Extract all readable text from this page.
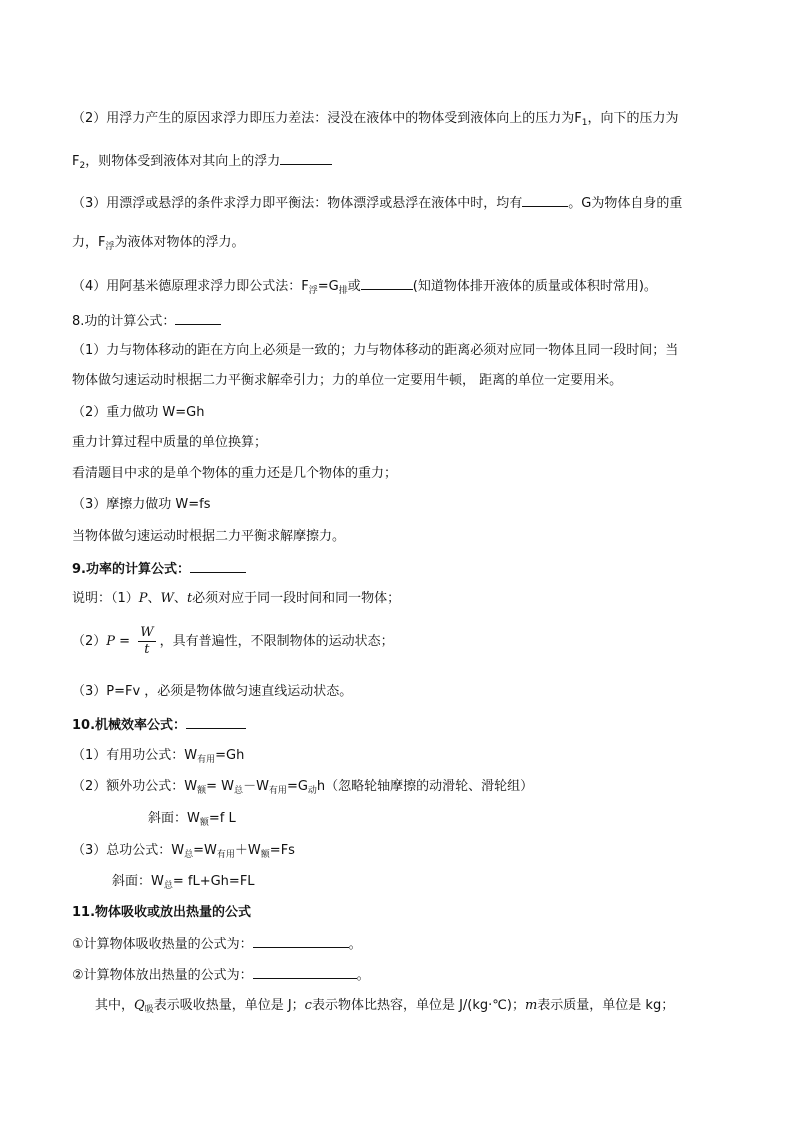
（2）用浮力产生的原因求浮力即压力差法：浸没在液体中的物体受到液体向上的压力为$F_1$，向下的压力为
$F_2$，则物体受到液体对其向上的浮力
（3）用漂浮或悬浮的条件求浮力即平衡法：物体漂浮或悬浮在液体中时，均有	。G为物体自身的重
力，$F_浮$为液体对物体的浮力。
（4）用阿基米德原理求浮力即公式法：$F_浮=G_排$或	(知道物体排开液体的质量或体积时常用)。
8.功的计算公式：
（1）力与物体移动的距在方向上必须是一致的；力与物体移动的距离必须对应同一物体且同一段时间；当
物体做匀速运动时根据二力平衡求解牵引力；力的单位一定要用牛顿， 距离的单位一定要用米。
（2）重力做功 W=Gh
重力计算过程中质量的单位换算；
看清题目中求的是单个物体的重力还是几个物体的重力；
（3）摩擦力做功 W=fs
当物体做匀速运动时根据二力平衡求解摩擦力。
9.功率的计算公式：
说明：（1）P、W、t必须对应于同一段时间和同一物体；
$(2)P = \frac{W}{t}$ ，具有普遍性，不限制物体的运动状态；
（3）P=Fv ，必须是物体做匀速直线运动状态。
10.机械效率公式：
（1）有用功公式：$W_{有用}=Gh$
（2）额外功公式：$W_额= W_总-W_{有用}=G_动h$（忽略轮轴摩擦的动滑轮、滑轮组）
斜面：$W_额=f$ L
（3）总功公式：$W_总=W_{有用}+W_额=Fs$
斜面：$W_总= fL+Gh=FL$
11.物体吸收或放出热量的公式
①计算物体吸收热量的公式为：	。
②计算物体放出热量的公式为：	。
其中，$Q_吸$表示吸收热量，单位是 J；c表示物体比热容，单位是 J/(kg·℃)；m表示质量，单位是 kg；
